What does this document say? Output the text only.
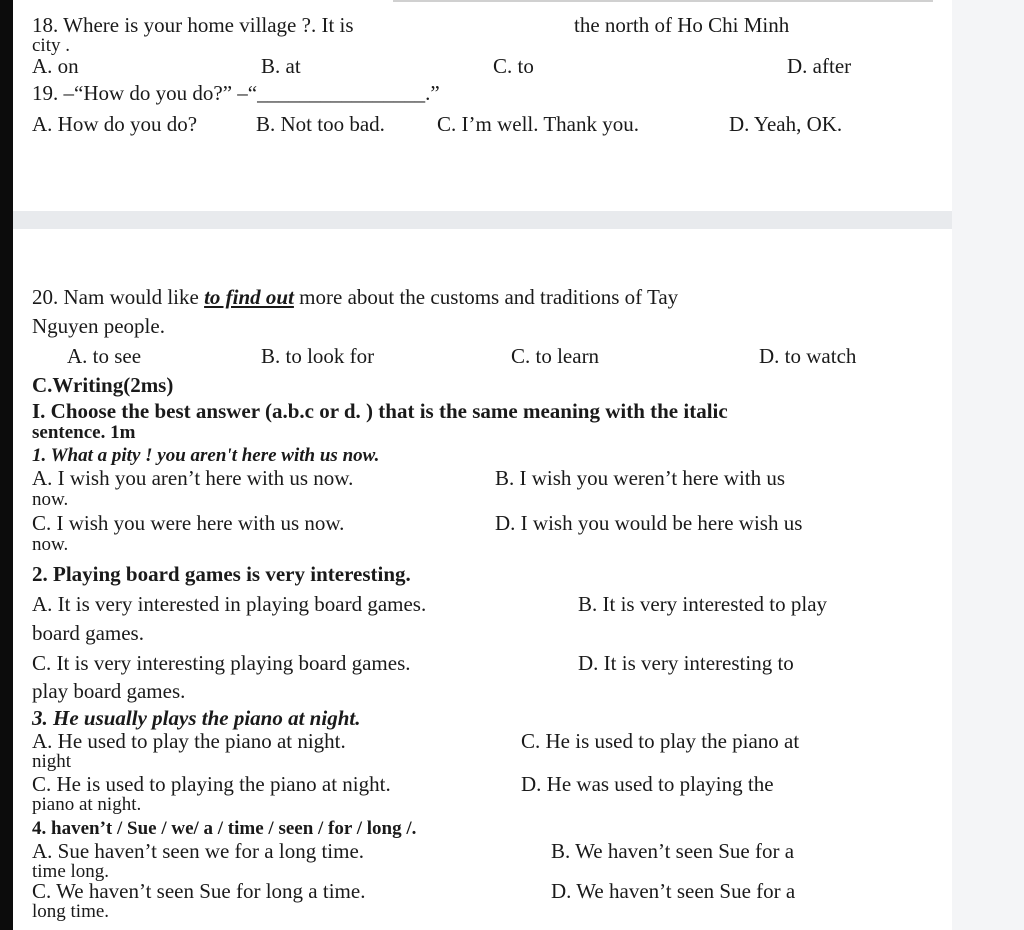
18. Where is your home village ?. It is	the north of Ho Chi Minh
city .
A. on	B. at	C. to	D. after
19. –“How do you do?” –“________________.”
A. How do you do?	B. Not too bad. C. I’m well. Thank you.	D. Yeah, OK.
20. Nam would like to find out more about the customs and traditions of Tay
Nguyen people.
A. to see	B. to look for	C. to learn	D. to watch
C.Writing(2ms)
I. Choose the best answer (a.b.c or d. ) that is the same meaning with the italic
sentence. 1m
1. What a pity ! you aren't here with us now.
A. I wish you aren’t here with us now.	B. I wish you weren’t here with us
now.
C. I wish you were here with us now.	D. I wish you would be here wish us
now.
2. Playing board games is very interesting.
A. It is very interested in playing board games.	B. It is very interested to play
board games.
C. It is very interesting playing board games.	D. It is very interesting to
play board games.
3. He usually plays the piano at night.
A. He used to play the piano at night.	C. He is used to play the piano at
night
C. He is used to playing the piano at night.	D. He was used to playing the
piano at night.
4. haven’t / Sue / we/ a / time / seen / for / long /.
A. Sue haven’t seen we for a long time.	B. We haven’t seen Sue for a
time long.
C. We haven’t seen Sue for long a time.	D. We haven’t seen Sue for a
long time.
